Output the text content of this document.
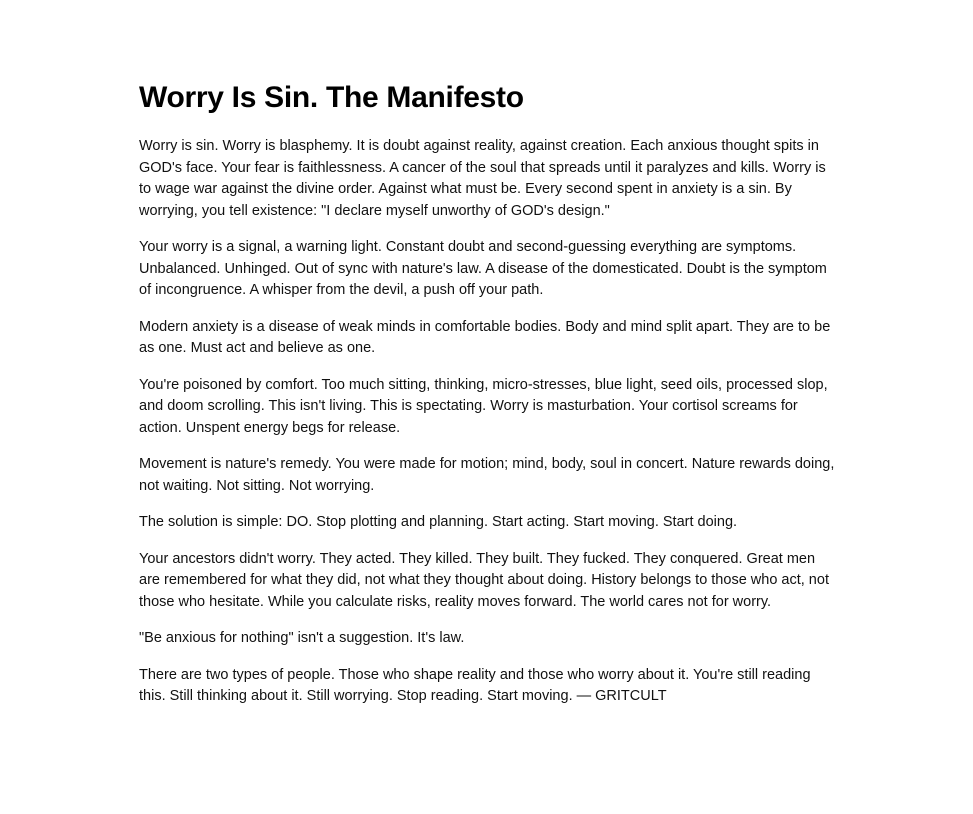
Worry Is Sin. The Manifesto

Worry is sin. Worry is blasphemy. It is doubt against reality, against creation. Each anxious thought spits in GOD's face. Your fear is faithlessness. A cancer of the soul that spreads until it paralyzes and kills. Worry is to wage war against the divine order. Against what must be. Every second spent in anxiety is a sin. By worrying, you tell existence: "I declare myself unworthy of GOD's design."

Your worry is a signal, a warning light. Constant doubt and second-guessing everything are symptoms. Unbalanced. Unhinged. Out of sync with nature's law. A disease of the domesticated. Doubt is the symptom of incongruence. A whisper from the devil, a push off your path.

Modern anxiety is a disease of weak minds in comfortable bodies. Body and mind split apart. They are to be as one. Must act and believe as one.

You're poisoned by comfort. Too much sitting, thinking, micro-stresses, blue light, seed oils, processed slop, and doom scrolling. This isn't living. This is spectating. Worry is masturbation. Your cortisol screams for action. Unspent energy begs for release.

Movement is nature's remedy. You were made for motion; mind, body, soul in concert. Nature rewards doing, not waiting. Not sitting. Not worrying.

The solution is simple: DO. Stop plotting and planning. Start acting. Start moving. Start doing.

Your ancestors didn't worry. They acted. They killed. They built. They fucked. They conquered. Great men are remembered for what they did, not what they thought about doing. History belongs to those who act, not those who hesitate. While you calculate risks, reality moves forward. The world cares not for worry.

"Be anxious for nothing" isn't a suggestion. It's law.

There are two types of people. Those who shape reality and those who worry about it. You're still reading this. Still thinking about it. Still worrying. Stop reading. Start moving. — GRITCULT
